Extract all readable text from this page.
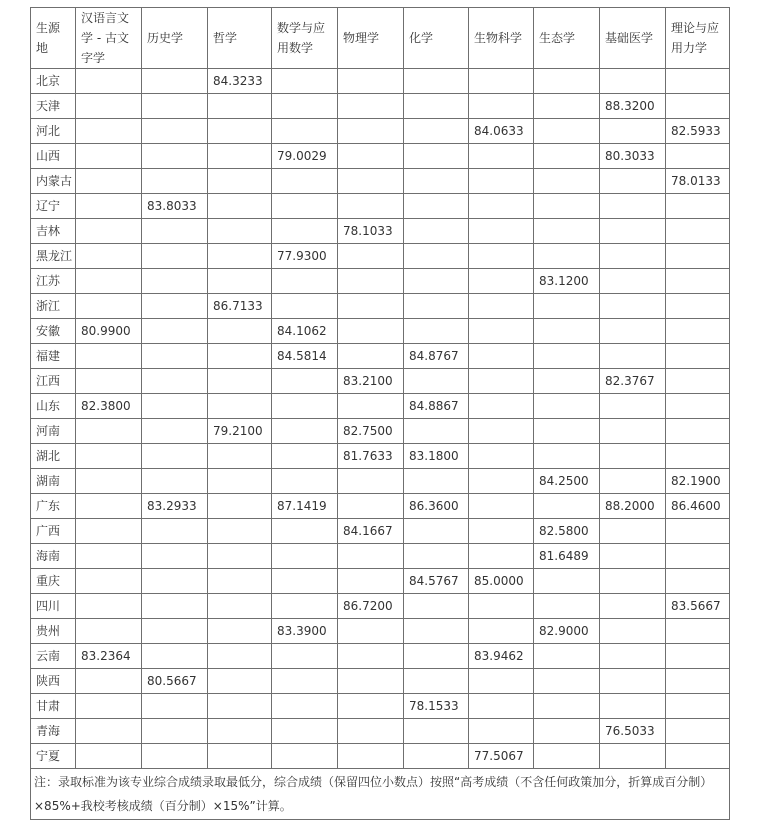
生源地	汉语言文学 - 古文字学	历史学	哲学	数学与应用数学	物理学	化学	生物科学	生态学	基础医学	理论与应用力学
北京			84.3233							
天津									88.3200	
河北							84.0633			82.5933
山西				79.0029					80.3033	
内蒙古										78.0133
辽宁		83.8033								
吉林					78.1033					
黑龙江				77.9300						
江苏								83.1200		
浙江			86.7133							
安徽	80.9900			84.1062						
福建				84.5814		84.8767				
江西					83.2100				82.3767	
山东	82.3800					84.8867				
河南			79.2100		82.7500					
湖北					81.7633	83.1800				
湖南								84.2500		82.1900
广东		83.2933		87.1419		86.3600			88.2000	86.4600
广西					84.1667			82.5800		
海南								81.6489		
重庆						84.5767	85.0000			
四川					86.7200					83.5667
贵州				83.3900				82.9000		
云南	83.2364						83.9462			
陕西		80.5667								
甘肃						78.1533				
青海									76.5033	
宁夏							77.5067			
注：录取标准为该专业综合成绩录取最低分，综合成绩（保留四位小数点）按照“高考成绩（不含任何政策加分，折算成百分制）×85%+我校考核成绩（百分制）×15%”计算。										
